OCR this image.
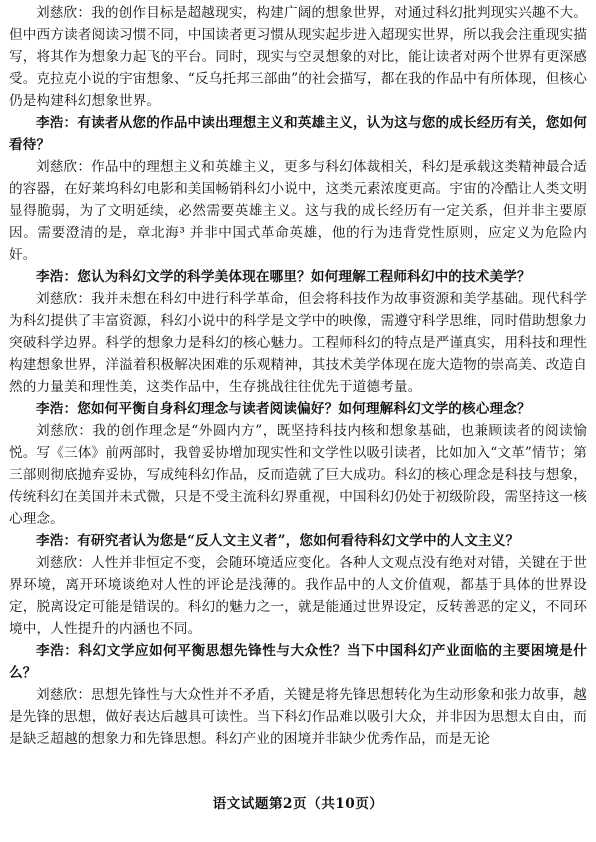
刘慈欣：我的创作目标是超越现实，构建广阔的想象世界，对通过科幻批判现实兴趣不大。但中西方读者阅读习惯不同，中国读者更习惯从现实起步进入超现实世界，所以我会注重现实描写，将其作为想象力起飞的平台。同时，现实与空灵想象的对比，能让读者对两个世界有更深感受。克拉克小说的宇宙想象、“反乌托邦三部曲”的社会描写，都在我的作品中有所体现，但核心仍是构建科幻想象世界。

李浩：有读者从您的作品中读出理想主义和英雄主义，认为这与您的成长经历有关，您如何看待？

刘慈欣：作品中的理想主义和英雄主义，更多与科幻体裁相关，科幻是承载这类精神最合适的容器，在好莱坞科幻电影和美国畅销科幻小说中，这类元素浓度更高。宇宙的冷酷让人类文明显得脆弱，为了文明延续，必然需要英雄主义。这与我的成长经历有一定关系，但并非主要原因。需要澄清的是，章北海³ 并非中国式革命英雄，他的行为违背党性原则，应定义为危险内奸。

李浩：您认为科幻文学的科学美体现在哪里？如何理解工程师科幻中的技术美学？

刘慈欣：我并未想在科幻中进行科学革命，但会将科技作为故事资源和美学基础。现代科学为科幻提供了丰富资源，科幻小说中的科学是文学中的映像，需遵守科学思维，同时借助想象力突破科学边界。科学的想象力是科幻的核心魅力。工程师科幻的特点是严谨真实，用科技和理性构建想象世界，洋溢着积极解决困难的乐观精神，其技术美学体现在庞大造物的崇高美、改造自然的力量美和理性美，这类作品中，生存挑战往往优先于道德考量。

李浩：您如何平衡自身科幻理念与读者阅读偏好？如何理解科幻文学的核心理念？

刘慈欣：我的创作理念是“外圆内方”，既坚持科技内核和想象基础，也兼顾读者的阅读愉悦。写《三体》前两部时，我曾妥协增加现实性和文学性以吸引读者，比如加入“文革”情节；第三部则彻底抛弃妥协，写成纯科幻作品，反而造就了巨大成功。科幻的核心理念是科技与想象，传统科幻在美国并未式微，只是不受主流科幻界重视，中国科幻仍处于初级阶段，需坚持这一核心理念。

李浩：有研究者认为您是“反人文主义者”，您如何看待科幻文学中的人文主义？

刘慈欣：人性并非恒定不变，会随环境适应变化。各种人文观点没有绝对对错，关键在于世界环境，离开环境谈绝对人性的评论是浅薄的。我作品中的人文价值观，都基于具体的世界设定，脱离设定可能是错误的。科幻的魅力之一，就是能通过世界设定，反转善恶的定义，不同环境中，人性提升的内涵也不同。

李浩：科幻文学应如何平衡思想先锋性与大众性？当下中国科幻产业面临的主要困境是什么？

刘慈欣：思想先锋性与大众性并不矛盾，关键是将先锋思想转化为生动形象和张力故事，越是先锋的思想，做好表达后越具可读性。当下科幻作品难以吸引大众，并非因为思想太自由，而是缺乏超越的想象力和先锋思想。科幻产业的困境并非缺少优秀作品，而是无论

语文试题第2页（共10页）
